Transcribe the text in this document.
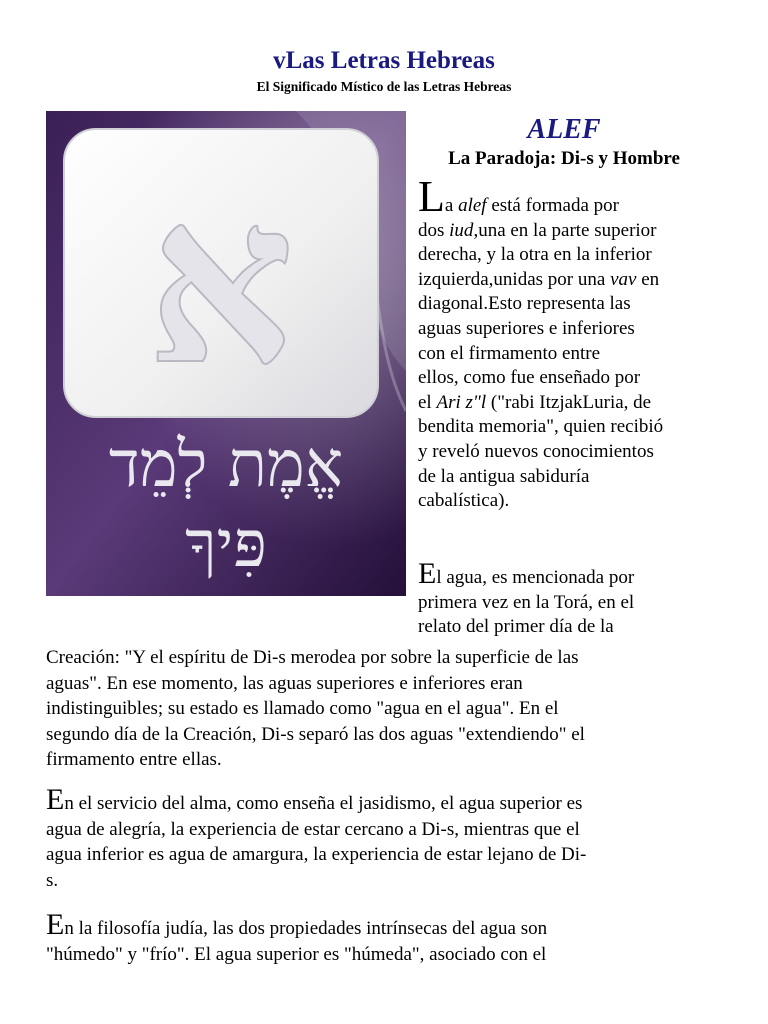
vLas Letras Hebreas
El Significado Místico de las Letras Hebreas
א
אֱמֶת לְמֵד
פִּיךָ
ALEF
La Paradoja: Di-s y Hombre
La alef está formada por
dos iud,una en la parte superior
derecha, y la otra en la inferior
izquierda,unidas por una vav en
diagonal.Esto representa las
aguas superiores e inferiores
con el firmamento entre
ellos, como fue enseñado por
el Ari z"l ("rabi ItzjakLuria, de
bendita memoria", quien recibió
y reveló nuevos conocimientos
de la antigua sabiduría
cabalística).
El agua, es mencionada por
primera vez en la Torá, en el
relato del primer día de la
Creación: "Y el espíritu de Di-s merodea por sobre la superficie de las
aguas". En ese momento, las aguas superiores e inferiores eran
indistinguibles; su estado es llamado como "agua en el agua". En el
segundo día de la Creación, Di-s separó las dos aguas "extendiendo" el
firmamento entre ellas.
En el servicio del alma, como enseña el jasidismo, el agua superior es
agua de alegría, la experiencia de estar cercano a Di-s, mientras que el
agua inferior es agua de amargura, la experiencia de estar lejano de Di-
s.
En la filosofía judía, las dos propiedades intrínsecas del agua son
"húmedo" y "frío". El agua superior es "húmeda", asociado con el
